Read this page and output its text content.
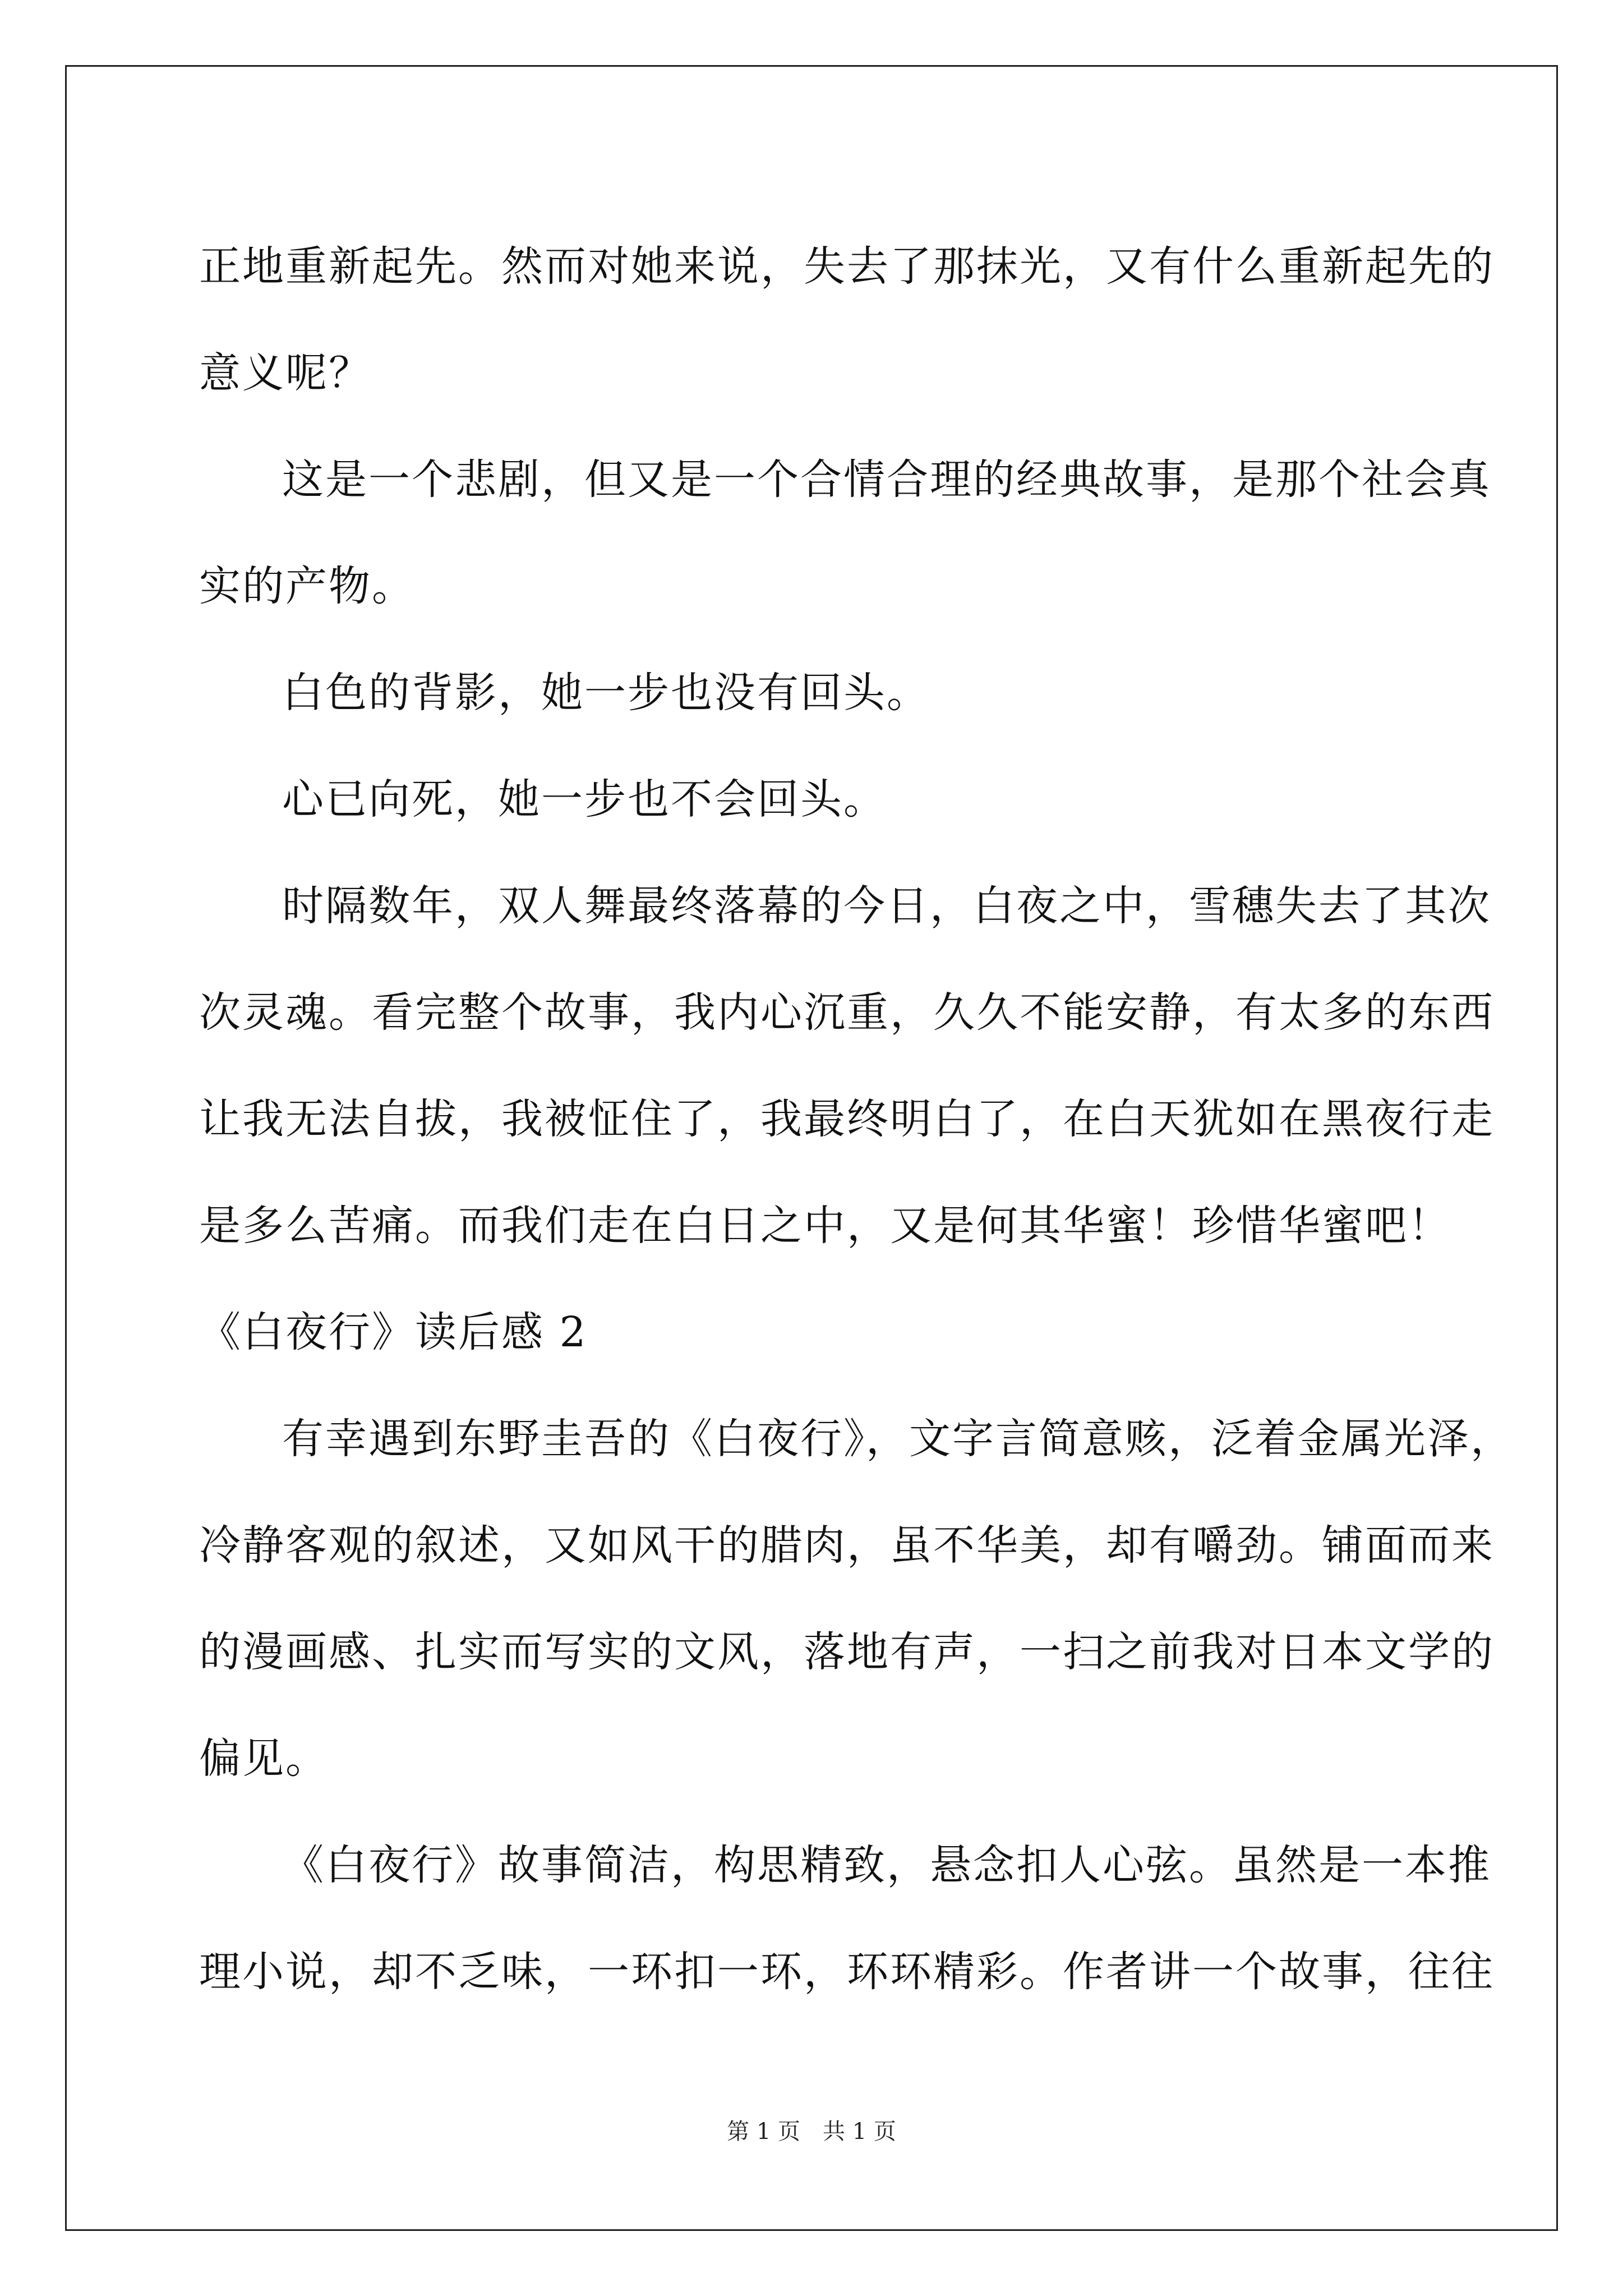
正地重新起先。然而对她来说，失去了那抹光，又有什么重新起先的
意义呢？
这是一个悲剧，但又是一个合情合理的经典故事，是那个社会真
实的产物。
白色的背影，她一步也没有回头。
心已向死，她一步也不会回头。
时隔数年，双人舞最终落幕的今日，白夜之中，雪穗失去了其次
次灵魂。看完整个故事，我内心沉重，久久不能安静，有太多的东西
让我无法自拔，我被怔住了，我最终明白了，在白天犹如在黑夜行走
是多么苦痛。而我们走在白日之中，又是何其华蜜！珍惜华蜜吧！
《白夜行》读后感 2
有幸遇到东野圭吾的《白夜行》，文字言简意赅，泛着金属光泽，
冷静客观的叙述，又如风干的腊肉，虽不华美，却有嚼劲。铺面而来
的漫画感、扎实而写实的文风，落地有声，一扫之前我对日本文学的
偏见。
《白夜行》故事简洁，构思精致，悬念扣人心弦。虽然是一本推
理小说，却不乏味，一环扣一环，环环精彩。作者讲一个故事，往往
第 1 页　共 1 页
